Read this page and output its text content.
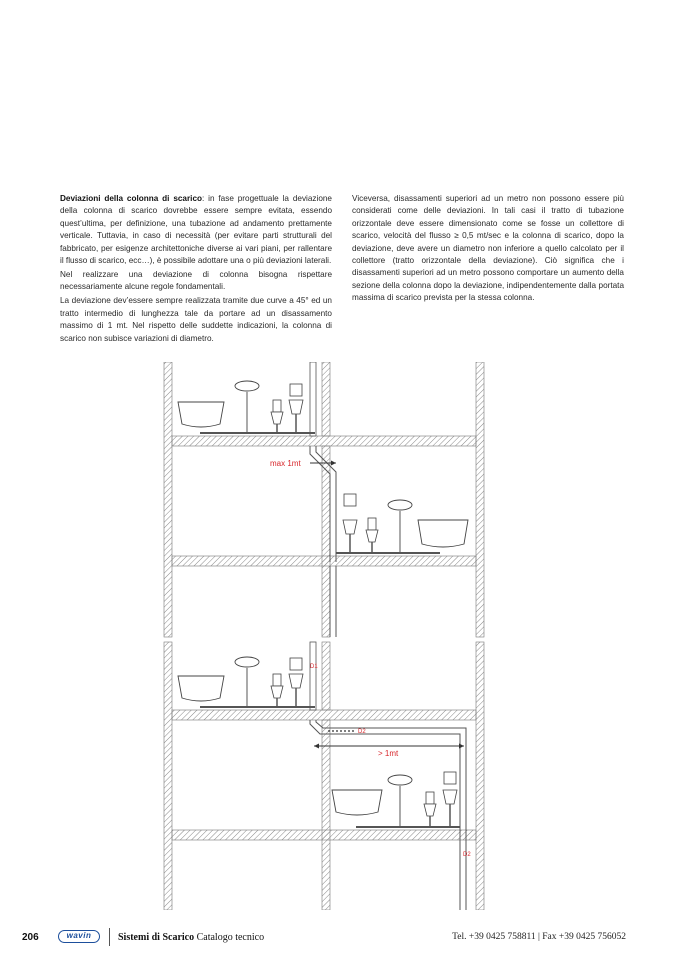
Deviazioni della colonna di scarico: in fase progettuale la deviazione della colonna di scarico dovrebbe essere sempre evitata, essendo quest’ultima, per definizione, una tubazione ad andamento prettamente verticale. Tuttavia, in caso di necessità (per evitare parti strutturali del fabbricato, per esigenze architettoniche diverse ai vari piani, per rallentare il flusso di scarico, ecc…), è possibile adottare una o più deviazioni laterali.

Nel realizzare una deviazione di colonna bisogna rispettare necessariamente alcune regole fondamentali.

La deviazione dev’essere sempre realizzata tramite due curve a 45° ed un tratto intermedio di lunghezza tale da portare ad un disassamento massimo di 1 mt. Nel rispetto delle suddette indicazioni, la colonna di scarico non subisce variazioni di diametro.

Viceversa, disassamenti superiori ad un metro non possono essere più considerati come delle deviazioni. In tali casi il tratto di tubazione orizzontale deve essere dimensionato come se fosse un collettore di scarico, velocità del flusso ≥ 0,5 mt/sec e la colonna di scarico, dopo la deviazione, deve avere un diametro non inferiore a quello calcolato per il collettore (tratto orizzontale della deviazione). Ciò significa che i disassamenti superiori ad un metro possono comportare un aumento della sezione della colonna dopo la deviazione, indipendentemente dalla portata massima di scarico prevista per la stessa colonna.

max 1mt
D1
D2
> 1mt
D2
206	wavin	Sistemi di Scarico Catalogo tecnico	Tel. +39 0425 758811 | Fax +39 0425 756052
